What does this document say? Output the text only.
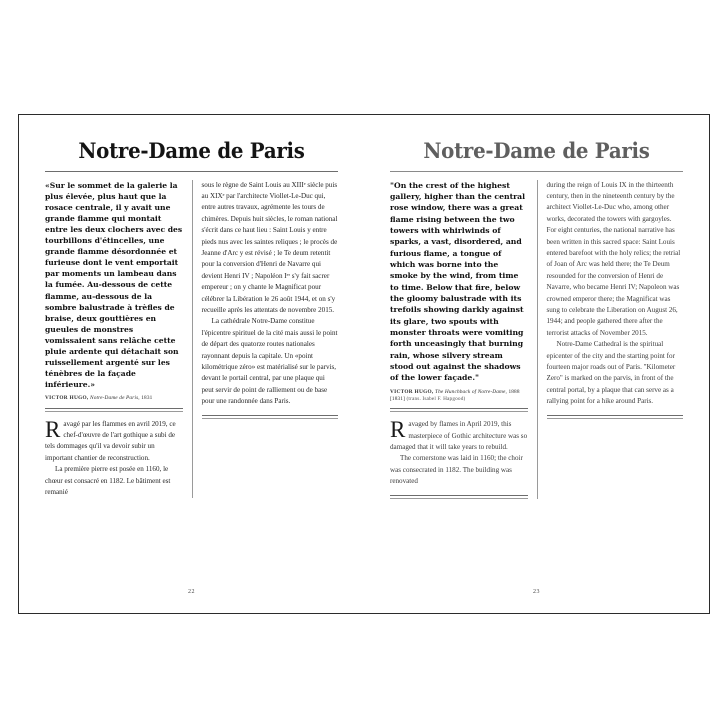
Notre-Dame de Paris
«Sur le sommet de la galerie la plus élevée, plus haut que la rosace centrale, il y avait une grande flamme qui montait entre les deux clochers avec des tourbillons d'étincelles, une grande flamme désordonnée et furieuse dont le vent emportait par moments un lambeau dans la fumée. Au-dessous de cette flamme, au-dessous de la sombre balustrade à trèfles de braise, deux gouttières en gueules de monstres vomissaient sans relâche cette pluie ardente qui détachait son ruissellement argenté sur les ténèbres de la façade inférieure.»
VICTOR HUGO, Notre-Dame de Paris, 1831

Ravagé par les flammes en avril 2019, ce chef-d'œuvre de l'art gothique a subi de tels dommages qu'il va devoir subir un important chantier de reconstruction.

La première pierre est posée en 1160, le chœur est consacré en 1182. Le bâtiment est remanié

sous le règne de Saint Louis au XIIIᵉ siècle puis au XIXᵉ par l'architecte Viollet-Le-Duc qui, entre autres travaux, agrémente les tours de chimères. Depuis huit siècles, le roman national s'écrit dans ce haut lieu : Saint Louis y entre pieds nus avec les saintes reliques ; le procès de Jeanne d'Arc y est révisé ; le Te deum retentit pour la conversion d'Henri de Navarre qui devient Henri IV ; Napoléon Iᵉʳ s'y fait sacrer empereur ; on y chante le Magnificat pour célébrer la Libération le 26 août 1944, et on s'y recueille après les attentats de novembre 2015.

La cathédrale Notre-Dame constitue l'épicentre spirituel de la cité mais aussi le point de départ des quatorze routes nationales rayonnant depuis la capitale. Un «point kilométrique zéro» est matérialisé sur le parvis, devant le portail central, par une plaque qui peut servir de point de ralliement ou de base pour une randonnée dans Paris.

22
Notre-Dame de Paris
"On the crest of the highest gallery, higher than the central rose window, there was a great flame rising between the two towers with whirlwinds of sparks, a vast, disordered, and furious flame, a tongue of which was borne into the smoke by the wind, from time to time. Below that fire, below the gloomy balustrade with its trefoils showing darkly against its glare, two spouts with monster throats were vomiting forth unceasingly that burning rain, whose silvery stream stood out against the shadows of the lower façade."
VICTOR HUGO, The Hunchback of Notre-Dame, 1888 [1831] (trans. Isabel F. Hapgood)

Ravaged by flames in April 2019, this masterpiece of Gothic architecture was so damaged that it will take years to rebuild.

The cornerstone was laid in 1160; the choir was consecrated in 1182. The building was renovated

during the reign of Louis IX in the thirteenth century, then in the nineteenth century by the architect Viollet-Le-Duc who, among other works, decorated the towers with gargoyles. For eight centuries, the national narrative has been written in this sacred space: Saint Louis entered barefoot with the holy relics; the retrial of Joan of Arc was held there; the Te Deum resounded for the conversion of Henri de Navarre, who became Henri IV; Napoleon was crowned emperor there; the Magnificat was sung to celebrate the Liberation on August 26, 1944; and people gathered there after the terrorist attacks of November 2015.

Notre-Dame Cathedral is the spiritual epicenter of the city and the starting point for fourteen major roads out of Paris. "Kilometer Zero" is marked on the parvis, in front of the central portal, by a plaque that can serve as a rallying point for a hike around Paris.

23
